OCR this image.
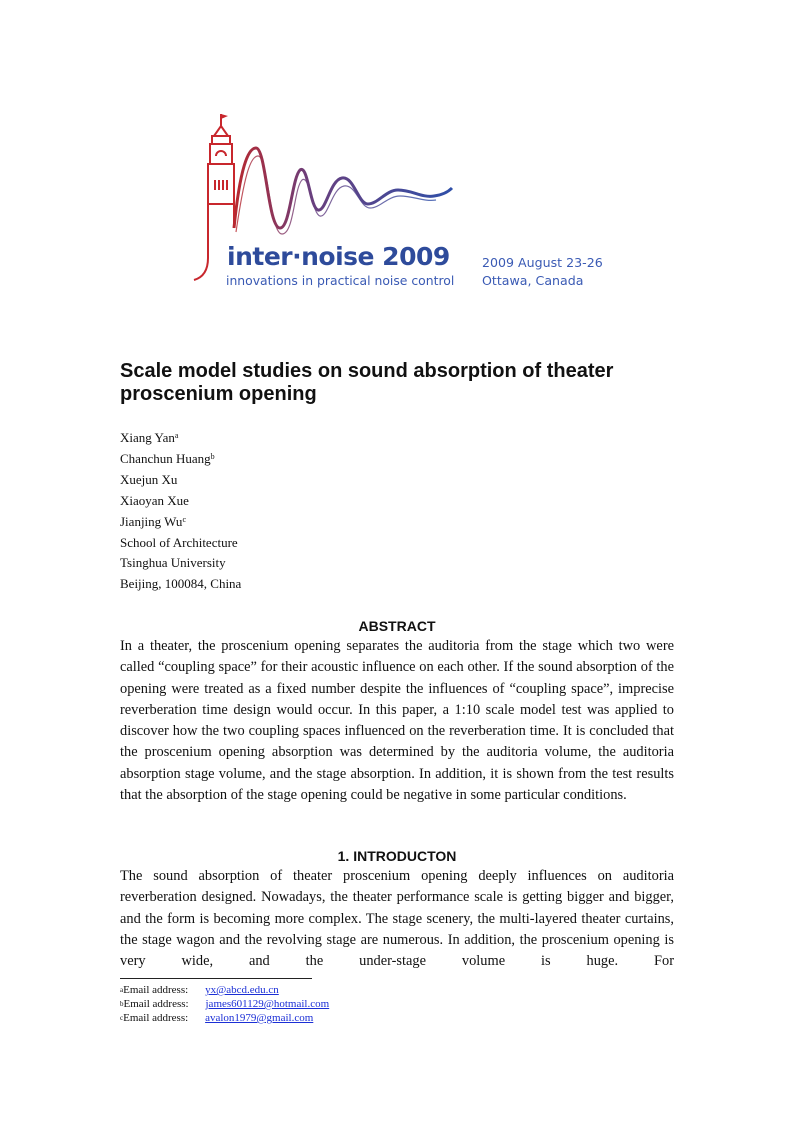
inter·noise 2009
innovations in practical noise control
2009 August 23-26
Ottawa, Canada
Scale model studies on sound absorption of theater proscenium opening
Xiang Yan$^a$
Chanchun Huang$^b$
Xuejun Xu
Xiaoyan Xue
Jianjing Wu$^c$
School of Architecture
Tsinghua University
Beijing, 100084, China
ABSTRACT
In a theater, the proscenium opening separates the auditoria from the stage which two were called “coupling space” for their acoustic influence on each other. If the sound absorption of the opening were treated as a fixed number despite the influences of “coupling space”, imprecise reverberation time design would occur. In this paper, a 1:10 scale model test was applied to discover how the two coupling spaces influenced on the reverberation time. It is concluded that the proscenium opening absorption was determined by the auditoria volume, the auditoria absorption stage volume, and the stage absorption. In addition, it is shown from the test results that the absorption of the stage opening could be negative in some particular conditions.
1. INTRODUCTON
The sound absorption of theater proscenium opening deeply influences on auditoria reverberation designed. Nowadays, the theater performance scale is getting bigger and bigger, and the form is becoming more complex. The stage scenery, the multi-layered theater curtains, the stage wagon and the revolving stage are numerous. In addition, the proscenium opening is very wide, and the under-stage volume is huge. For
$^a$Email address: yx@abcd.edu.cn
$^b$Email address: james601129@hotmail.com
$^c$Email address: avalon1979@gmail.com
